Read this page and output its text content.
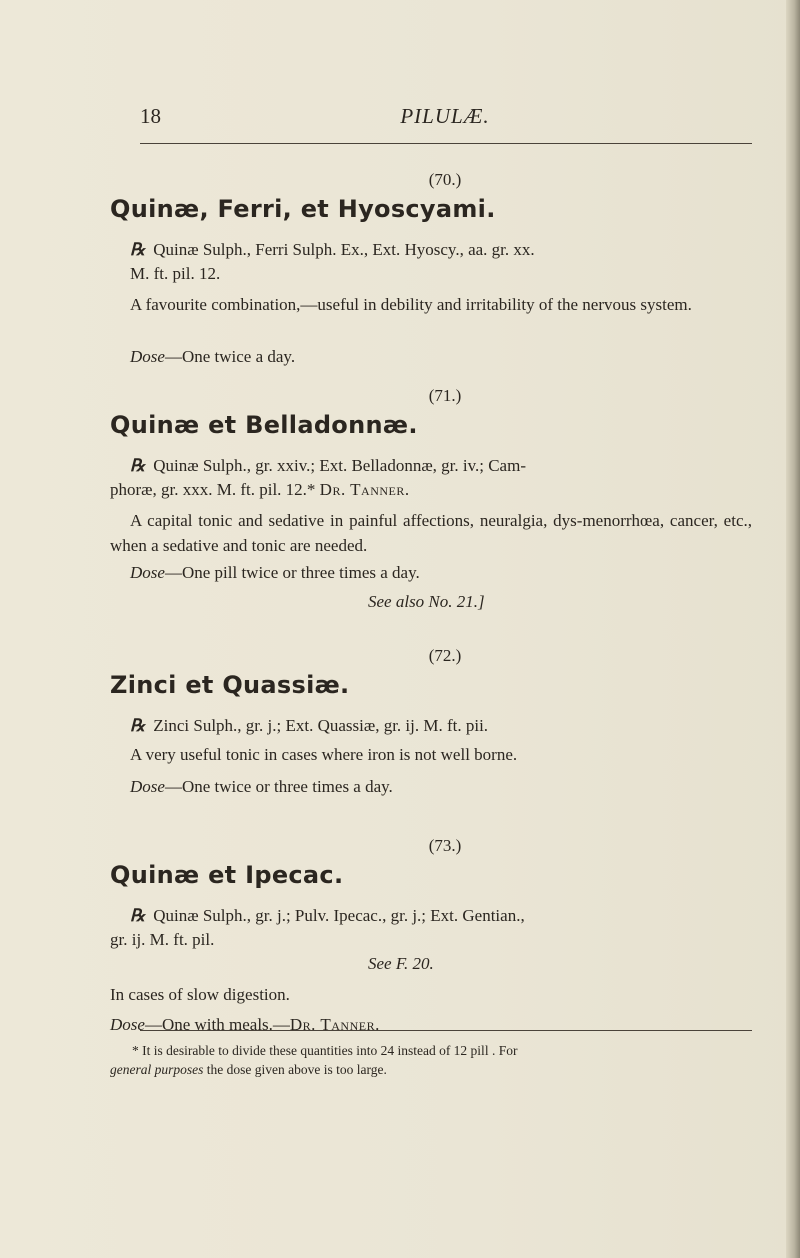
18	PILULÆ.
(70.)
Quinæ, Ferri, et Hyoscyami.
℞ Quinæ Sulph., Ferri Sulph. Ex., Ext. Hyoscy., aa. gr. xx.
M. ft. pil. 12.
A favourite combination,—useful in debility and irritability of the nervous system.
Dose—One twice a day.
(71.)
Quinæ et Belladonnæ.
℞ Quinæ Sulph., gr. xxiv.; Ext. Belladonnæ, gr. iv.; Cam-
phoræ, gr. xxx. M. ft. pil. 12.* Dr. Tanner.
A capital tonic and sedative in painful affections, neuralgia, dys-menorrhœa, cancer, etc., when a sedative and tonic are needed.
Dose—One pill twice or three times a day.
See also No. 21.]
(72.)
Zinci et Quassiæ.
℞ Zinci Sulph., gr. j.; Ext. Quassiæ, gr. ij. M. ft. pii.
A very useful tonic in cases where iron is not well borne.
Dose—One twice or three times a day.
(73.)
Quinæ et Ipecac.
℞ Quinæ Sulph., gr. j.; Pulv. Ipecac., gr. j.; Ext. Gentian.,
gr. ij. M. ft. pil.
See F. 20.
In cases of slow digestion.
Dose—One with meals.—Dr. Tanner.
* It is desirable to divide these quantities into 24 instead of 12 pill . For
general purposes the dose given above is too large.
